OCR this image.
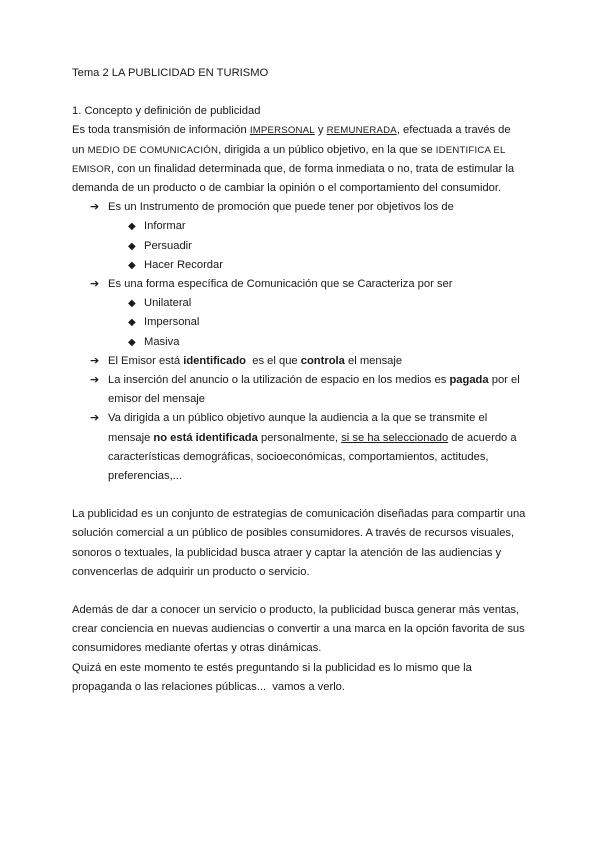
Tema 2 LA PUBLICIDAD EN TURISMO
1. Concepto y definición de publicidad
Es toda transmisión de información IMPERSONAL y REMUNERADA, efectuada a través de
un MEDIO DE COMUNICACIÓN, dirigida a un público objetivo, en la que se IDENTIFICA EL
EMISOR, con un finalidad determinada que, de forma inmediata o no, trata de estimular la
demanda de un producto o de cambiar la opinión o el comportamiento del consumidor.
➔ Es un Instrumento de promoción que puede tener por objetivos los de
◆ Informar
◆ Persuadir
◆ Hacer Recordar
➔ Es una forma específica de Comunicación que se Caracteriza por ser
◆ Unilateral
◆ Impersonal
◆ Masiva
➔ El Emisor está identificado  es el que controla el mensaje
➔ La inserción del anuncio o la utilización de espacio en los medios es pagada por el
emisor del mensaje
➔ Va dirigida a un público objetivo aunque la audiencia a la que se transmite el
mensaje no está identificada personalmente, si se ha seleccionado de acuerdo a
características demográficas, socioeconómicas, comportamientos, actitudes,
preferencias,...
La publicidad es un conjunto de estrategias de comunicación diseñadas para compartir una
solución comercial a un público de posibles consumidores. A través de recursos visuales,
sonoros o textuales, la publicidad busca atraer y captar la atención de las audiencias y
convencerlas de adquirir un producto o servicio.
Además de dar a conocer un servicio o producto, la publicidad busca generar más ventas,
crear conciencia en nuevas audiencias o convertir a una marca en la opción favorita de sus
consumidores mediante ofertas y otras dinámicas.
Quizá en este momento te estés preguntando si la publicidad es lo mismo que la
propaganda o las relaciones públicas...  vamos a verlo.
